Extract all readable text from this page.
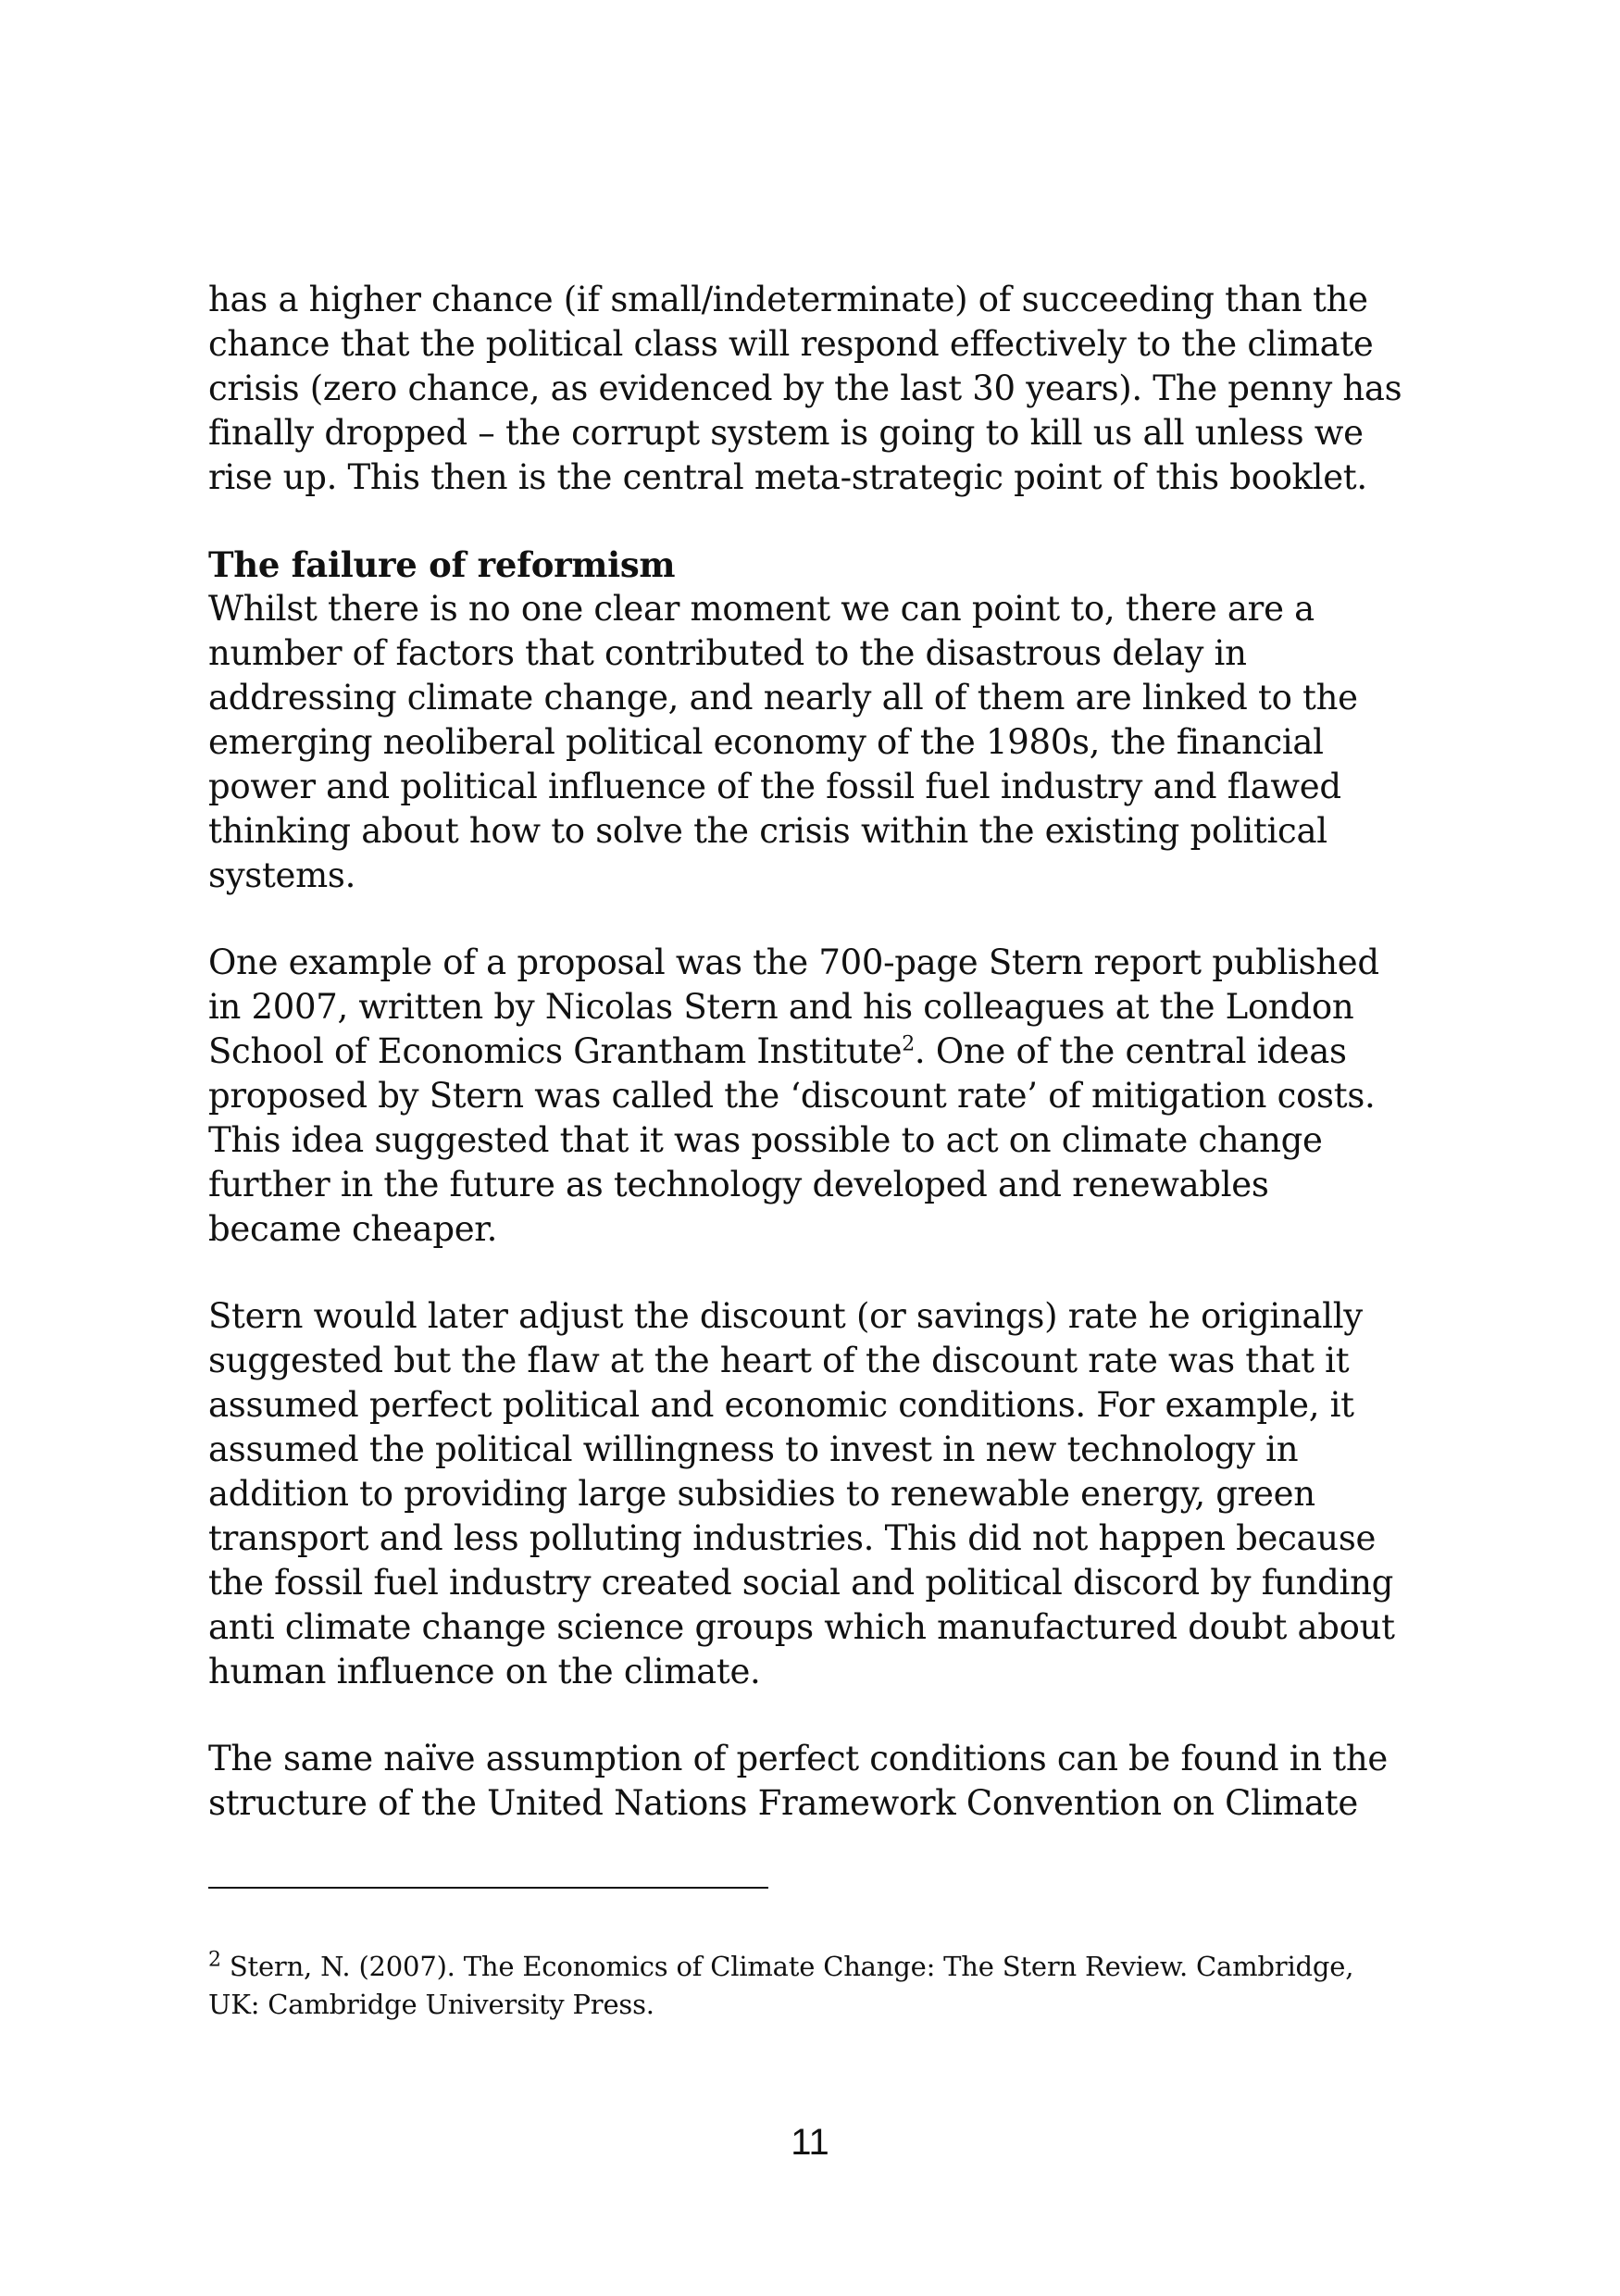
has a higher chance (if small/indeterminate) of succeeding than the chance that the political class will respond effectively to the climate crisis (zero chance, as evidenced by the last 30 years). The penny has finally dropped – the corrupt system is going to kill us all unless we rise up. This then is the central meta-strategic point of this booklet.

The failure of reformism

Whilst there is no one clear moment we can point to, there are a number of factors that contributed to the disastrous delay in addressing climate change, and nearly all of them are linked to the emerging neoliberal political economy of the 1980s, the financial power and political influence of the fossil fuel industry and flawed thinking about how to solve the crisis within the existing political systems.

One example of a proposal was the 700-page Stern report published in 2007, written by Nicolas Stern and his colleagues at the London School of Economics Grantham Institute$^2$. One of the central ideas proposed by Stern was called the ‘discount rate’ of mitigation costs. This idea suggested that it was possible to act on climate change further in the future as technology developed and renewables became cheaper.

Stern would later adjust the discount (or savings) rate he originally suggested but the flaw at the heart of the discount rate was that it assumed perfect political and economic conditions. For example, it assumed the political willingness to invest in new technology in addition to providing large subsidies to renewable energy, green transport and less polluting industries. This did not happen because the fossil fuel industry created social and political discord by funding anti climate change science groups which manufactured doubt about human influence on the climate.

The same naïve assumption of perfect conditions can be found in the structure of the United Nations Framework Convention on Climate

$^2$ Stern, N. (2007). The Economics of Climate Change: The Stern Review. Cambridge, UK: Cambridge University Press.

11
